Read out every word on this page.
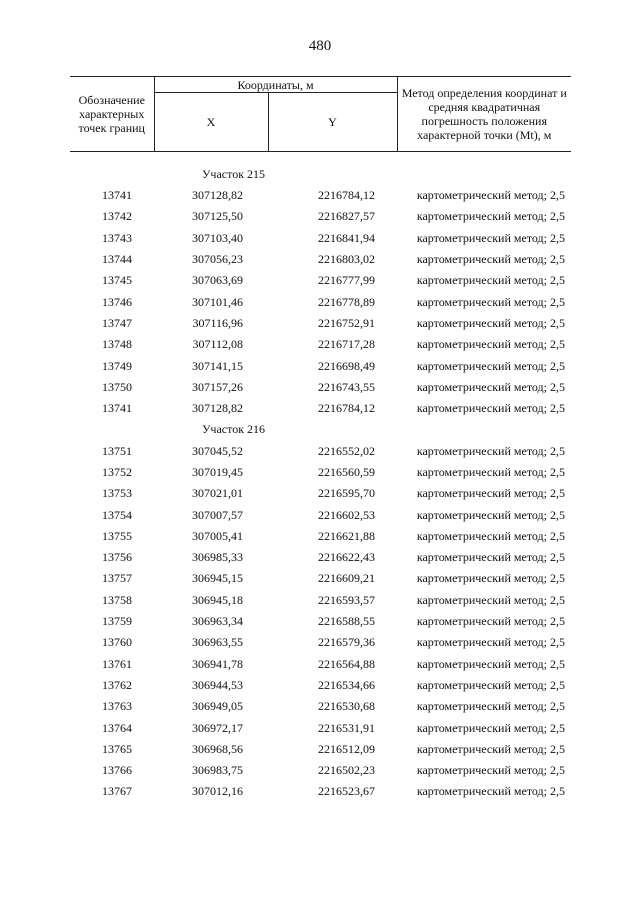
480
Обозначение характерных точек границ	Координаты, м		Метод определения координат и средняя квадратичная погрешность положения характерной точки (Mt), м
	X	Y	
Участок 215			
13741	307128,82	2216784,12	картометрический метод; 2,5
13742	307125,50	2216827,57	картометрический метод; 2,5
13743	307103,40	2216841,94	картометрический метод; 2,5
13744	307056,23	2216803,02	картометрический метод; 2,5
13745	307063,69	2216777,99	картометрический метод; 2,5
13746	307101,46	2216778,89	картометрический метод; 2,5
13747	307116,96	2216752,91	картометрический метод; 2,5
13748	307112,08	2216717,28	картометрический метод; 2,5
13749	307141,15	2216698,49	картометрический метод; 2,5
13750	307157,26	2216743,55	картометрический метод; 2,5
13741	307128,82	2216784,12	картометрический метод; 2,5
Участок 216			
13751	307045,52	2216552,02	картометрический метод; 2,5
13752	307019,45	2216560,59	картометрический метод; 2,5
13753	307021,01	2216595,70	картометрический метод; 2,5
13754	307007,57	2216602,53	картометрический метод; 2,5
13755	307005,41	2216621,88	картометрический метод; 2,5
13756	306985,33	2216622,43	картометрический метод; 2,5
13757	306945,15	2216609,21	картометрический метод; 2,5
13758	306945,18	2216593,57	картометрический метод; 2,5
13759	306963,34	2216588,55	картометрический метод; 2,5
13760	306963,55	2216579,36	картометрический метод; 2,5
13761	306941,78	2216564,88	картометрический метод; 2,5
13762	306944,53	2216534,66	картометрический метод; 2,5
13763	306949,05	2216530,68	картометрический метод; 2,5
13764	306972,17	2216531,91	картометрический метод; 2,5
13765	306968,56	2216512,09	картометрический метод; 2,5
13766	306983,75	2216502,23	картометрический метод; 2,5
13767	307012,16	2216523,67	картометрический метод; 2,5
